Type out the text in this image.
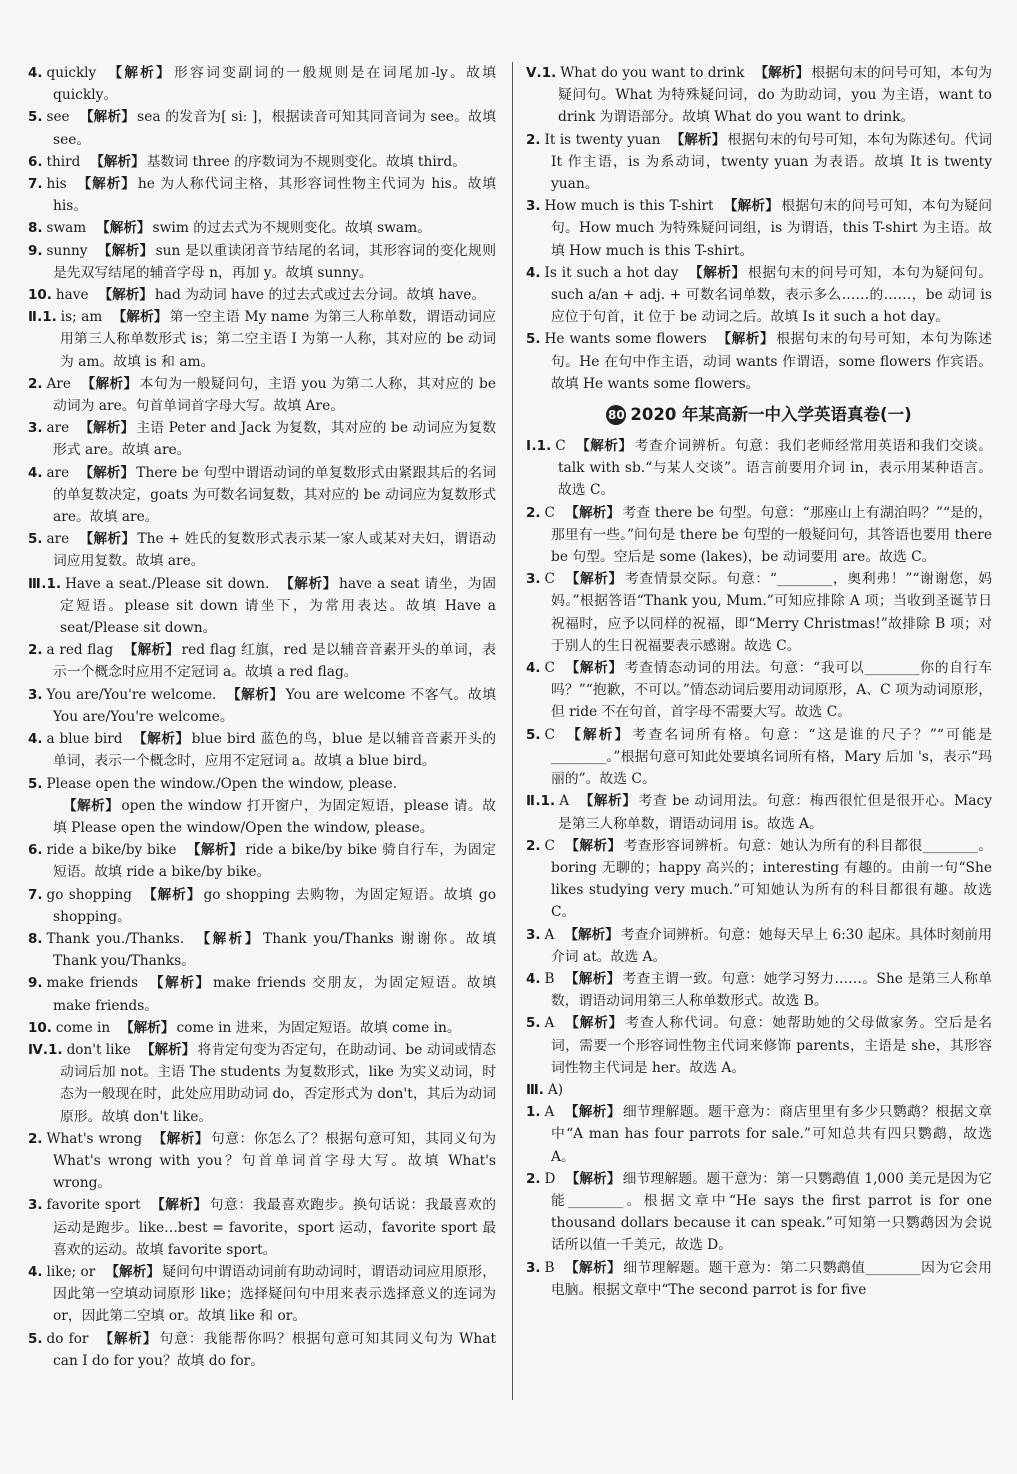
4. quickly 【解析】 形容词变副词的一般规则是在词尾加-ly。故填 quickly。
5. see 【解析】 sea 的发音为[ siː ]，根据读音可知其同音词为 see。故填 see。
6. third 【解析】 基数词 three 的序数词为不规则变化。故填 third。
7. his 【解析】 he 为人称代词主格，其形容词性物主代词为 his。故填 his。
8. swam 【解析】 swim 的过去式为不规则变化。故填 swam。
9. sunny 【解析】 sun 是以重读闭音节结尾的名词，其形容词的变化规则是先双写结尾的辅音字母 n，再加 y。故填 sunny。
10. have 【解析】 had 为动词 have 的过去式或过去分词。故填 have。
Ⅱ.1. is; am 【解析】 第一空主语 My name 为第三人称单数，谓语动词应用第三人称单数形式 is；第二空主语 I 为第一人称，其对应的 be 动词为 am。故填 is 和 am。
2. Are 【解析】 本句为一般疑问句，主语 you 为第二人称，其对应的 be 动词为 are。句首单词首字母大写。故填 Are。
3. are 【解析】 主语 Peter and Jack 为复数，其对应的 be 动词应为复数形式 are。故填 are。
4. are 【解析】 There be 句型中谓语动词的单复数形式由紧跟其后的名词的单复数决定，goats 为可数名词复数，其对应的 be 动词应为复数形式 are。故填 are。
5. are 【解析】 The + 姓氏的复数形式表示某一家人或某对夫妇，谓语动词应用复数。故填 are。
Ⅲ.1. Have a seat./Please sit down. 【解析】 have a seat 请坐，为固定短语。please sit down 请坐下，为常用表达。故填 Have a seat/Please sit down。
2. a red flag 【解析】 red flag 红旗，red 是以辅音音素开头的单词，表示一个概念时应用不定冠词 a。故填 a red flag。
3. You are/You're welcome. 【解析】 You are welcome 不客气。故填 You are/You're welcome。
4. a blue bird 【解析】 blue bird 蓝色的鸟，blue 是以辅音音素开头的单词，表示一个概念时，应用不定冠词 a。故填 a blue bird。
5. Please open the window./Open the window, please.
【解析】 open the window 打开窗户，为固定短语，please 请。故填 Please open the window/Open the window, please。
6. ride a bike/by bike 【解析】 ride a bike/by bike 骑自行车，为固定短语。故填 ride a bike/by bike。
7. go shopping 【解析】 go shopping 去购物，为固定短语。故填 go shopping。
8. Thank you./Thanks. 【解析】 Thank you/Thanks 谢谢你。故填 Thank you/Thanks。
9. make friends 【解析】 make friends 交朋友，为固定短语。故填 make friends。
10. come in 【解析】 come in 进来，为固定短语。故填 come in。
Ⅳ.1. don't like 【解析】 将肯定句变为否定句，在助动词、be 动词或情态动词后加 not。主语 The students 为复数形式，like 为实义动词，时态为一般现在时，此处应用助动词 do，否定形式为 don't，其后为动词原形。故填 don't like。
2. What's wrong 【解析】 句意：你怎么了？根据句意可知，其同义句为 What's wrong with you？句首单词首字母大写。故填 What's wrong。
3. favorite sport 【解析】 句意：我最喜欢跑步。换句话说：我最喜欢的运动是跑步。like…best = favorite，sport 运动，favorite sport 最喜欢的运动。故填 favorite sport。
4. like; or 【解析】 疑问句中谓语动词前有助动词时，谓语动词应用原形，因此第一空填动词原形 like；选择疑问句中用来表示选择意义的连词为 or，因此第二空填 or。故填 like 和 or。
5. do for 【解析】 句意：我能帮你吗？根据句意可知其同义句为 What can I do for you？故填 do for。
Ⅴ.1. What do you want to drink 【解析】 根据句末的问号可知，本句为疑问句。What 为特殊疑问词，do 为助动词，you 为主语，want to drink 为谓语部分。故填 What do you want to drink。
2. It is twenty yuan 【解析】 根据句末的句号可知，本句为陈述句。代词 It 作主语，is 为系动词，twenty yuan 为表语。故填 It is twenty yuan。
3. How much is this T-shirt 【解析】 根据句末的问号可知，本句为疑问句。How much 为特殊疑问词组，is 为谓语，this T-shirt 为主语。故填 How much is this T-shirt。
4. Is it such a hot day 【解析】 根据句末的问号可知，本句为疑问句。such a/an + adj. + 可数名词单数，表示多么……的……，be 动词 is 应位于句首，it 位于 be 动词之后。故填 Is it such a hot day。
5. He wants some flowers 【解析】 根据句末的句号可知，本句为陈述句。He 在句中作主语，动词 wants 作谓语，some flowers 作宾语。故填 He wants some flowers。
80 2020 年某高新一中入学英语真卷(一)
Ⅰ.1. C 【解析】 考查介词辨析。句意：我们老师经常用英语和我们交谈。talk with sb.“与某人交谈”。语言前要用介词 in，表示用某种语言。故选 C。
2. C 【解析】 考查 there be 句型。句意：“那座山上有湖泊吗？”“是的，那里有一些。”问句是 there be 句型的一般疑问句，其答语也要用 there be 句型。空后是 some (lakes)，be 动词要用 are。故选 C。
3. C 【解析】 考查情景交际。句意：“________，奥利弗！”“谢谢您，妈妈。”根据答语“Thank you, Mum.”可知应排除 A 项；当收到圣诞节日祝福时，应予以同样的祝福，即“Merry Christmas!”故排除 B 项；对于别人的生日祝福要表示感谢。故选 C。
4. C 【解析】 考查情态动词的用法。句意：“我可以________你的自行车吗？”“抱歉，不可以。”情态动词后要用动词原形，A、C 项为动词原形，但 ride 不在句首，首字母不需要大写。故选 C。
5. C 【解析】 考查名词所有格。句意：“这是谁的尺子？”“可能是________。”根据句意可知此处要填名词所有格，Mary 后加 's，表示“玛丽的”。故选 C。
Ⅱ.1. A 【解析】 考查 be 动词用法。句意：梅西很忙但是很开心。Macy 是第三人称单数，谓语动词用 is。故选 A。
2. C 【解析】 考查形容词辨析。句意：她认为所有的科目都很________。boring 无聊的；happy 高兴的；interesting 有趣的。由前一句“She likes studying very much.”可知她认为所有的科目都很有趣。故选 C。
3. A 【解析】 考查介词辨析。句意：她每天早上 6:30 起床。具体时刻前用介词 at。故选 A。
4. B 【解析】 考查主谓一致。句意：她学习努力……。She 是第三人称单数，谓语动词用第三人称单数形式。故选 B。
5. A 【解析】 考查人称代词。句意：她帮助她的父母做家务。空后是名词，需要一个形容词性物主代词来修饰 parents，主语是 she，其形容词性物主代词是 her。故选 A。
Ⅲ. A)
1. A 【解析】 细节理解题。题干意为：商店里里有多少只鹦鹉？根据文章中“A man has four parrots for sale.”可知总共有四只鹦鹉，故选 A。
2. D 【解析】 细节理解题。题干意为：第一只鹦鹉值 1,000 美元是因为它能________。根据文章中“He says the first parrot is for one thousand dollars because it can speak.”可知第一只鹦鹉因为会说话所以值一千美元，故选 D。
3. B 【解析】 细节理解题。题干意为：第二只鹦鹉值________因为它会用电脑。根据文章中“The second parrot is for five
